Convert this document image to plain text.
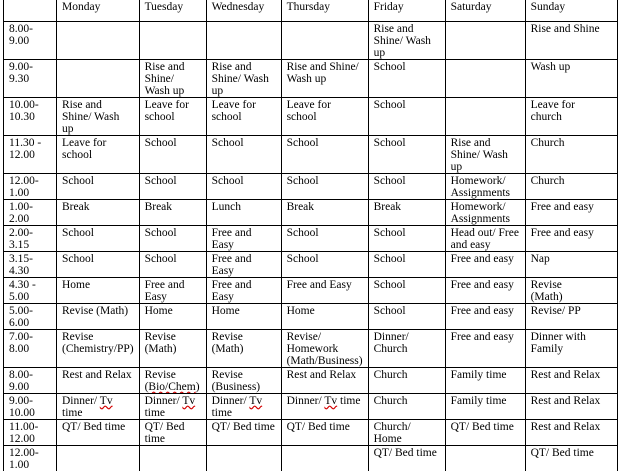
	Monday	Tuesday	Wednesday	Thursday	Friday	Saturday	Sunday
8.00-
9.00					Rise and
Shine/ Wash
up		Rise and Shine
9.00-
9.30		Rise and
Shine/
Wash up	Rise and
Shine/ Wash
up	Rise and Shine/
Wash up	School		Wash up
10.00-
10.30	Rise and
Shine/ Wash
up	Leave for
school	Leave for
school	Leave for
school	School		Leave for
church
11.30 -
12.00	Leave for
school	School	School	School	School	Rise and
Shine/ Wash
up	Church
12.00-
1.00	School	School	School	School	School	Homework/
Assignments	Church
1.00-
2.00	Break	Break	Lunch	Break	Break	Homework/
Assignments	Free and easy
2.00-
3.15	School	School	Free and
Easy	School	School	Head out/ Free
and easy	Free and easy
3.15-
4.30	School	School	Free and
Easy	School	School	Free and easy	Nap
4.30 -
5.00	Home	Free and
Easy	Free and
Easy	Free and Easy	School	Free and easy	Revise
(Math)
5.00-
6.00	Revise (Math)	Home	Home	Home	School	Free and easy	Revise/ PP
7.00-
8.00	Revise
(Chemistry/PP)	Revise
(Math)	Revise
(Math)	Revise/
Homework
(Math/Business)	Dinner/
Church	Free and easy	Dinner with
Family
8.00-
9.00	Rest and Relax	Revise
(Bio/Chem)	Revise
(Business)	Rest and Relax	Church	Family time	Rest and Relax
9.00-
10.00	Dinner/ Tv
time	Dinner/ Tv
time	Dinner/ Tv
time	Dinner/ Tv time	Church	Family time	Rest and Relax
11.00-
12.00	QT/ Bed time	QT/ Bed
time	QT/ Bed time	QT/ Bed time	Church/
Home	QT/ Bed time	Rest and Relax
12.00-
1.00					QT/ Bed time		QT/ Bed time
